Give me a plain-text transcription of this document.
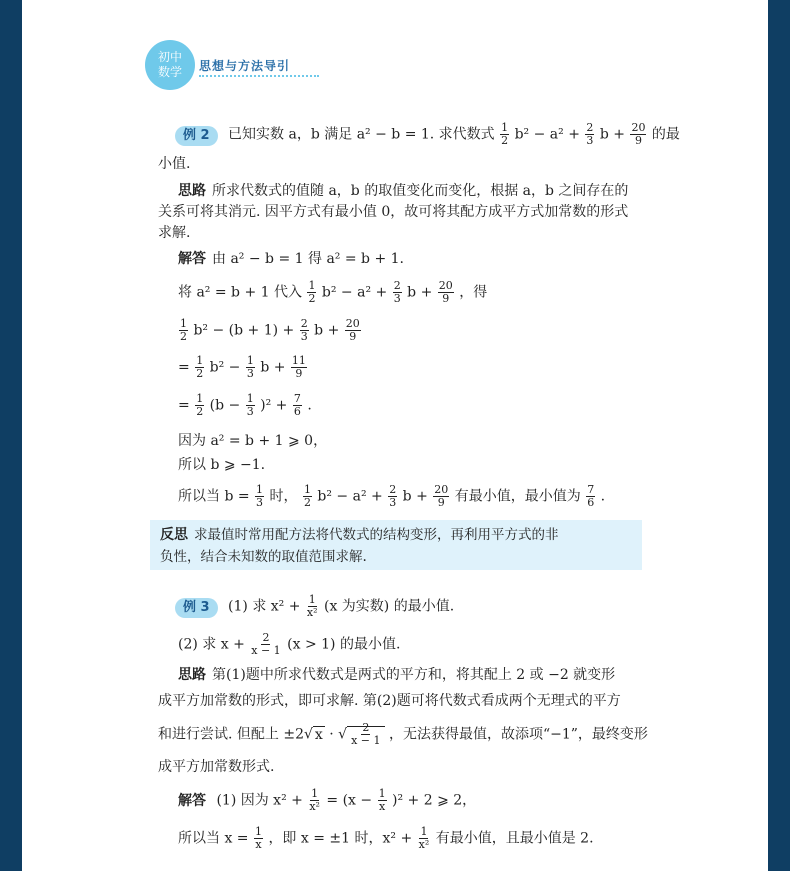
初中
数学	思想与方法导引
例 2 已知实数 a，b 满足 a² − b = 1. 求代数式 $\frac{1}{2} b^2 - a^2 + \frac{2}{3}$ $b + \frac{20}{9}$ 的最
小值.
思路 所求代数式的值随 a，b 的取值变化而变化，根据 a，b 之间存在的
关系可将其消元. 因平方式有最小值 0，故可将其配方成平方式加常数的形式
求解.
解答 由 a² − b = 1 得 a² = b + 1.
将 a² = b + 1 代入 $\frac{1}{2} b^2 - a^2 + \frac{2}{3}$ $b + \frac{20}{9}$ ，得
$\frac{1}{2} b^2 - (b + 1) + \frac{2}{3}$ $b + \frac{20}{9}$
= $\frac{1}{2} b^2 - \frac{1}{3}$ $b + \frac{11}{9}$
= $\frac{1}{2} (b - \frac{1}{3} )^2 + \frac{7}{6}$ .
因为 a² = b + 1 ⩾ 0，
所以 b ⩾ −1.
所以当 $b = \frac{1}{3}$ 时， $\frac{1}{2} b^2 - a^2 + \frac{2}{3}$ $b + \frac{20}{9}$ 有最小值，最小值为 $\frac{7}{6}$ .
反思 求最值时常用配方法将代数式的结构变形，再利用平方式的非
负性，结合未知数的取值范围求解.
例 3 (1) 求 $x^2 + \frac{1}{\text{x²}} (x$ 为实数) 的最小值.
(2) 求 $x + \frac{2}{x - 1} (x > 1)$ 的最小值.
思路 第(1)题中所求代数式是两式的平方和，将其配上 2 或 −2 就变形
成平方加常数的形式，即可求解. 第(2)题可将代数式看成两个无理式的平方
和进行尝试. 但配上 ±2√ x · √ $\frac{2}{x - 1}$ ，无法获得最值，故添项“−1”，最终变形
成平方加常数形式.
解答 (1) 因为 $x^2 + \frac{1}{\text{x²}} = (x - \frac{1}{x} )^2 + 2$ ⩾ 2，
所以当 $x = \frac{1}{x}$ ，即 x = ±1 时，$x^2 + \frac{1}{\text{x²}}$ 有最小值，且最小值是 2.
